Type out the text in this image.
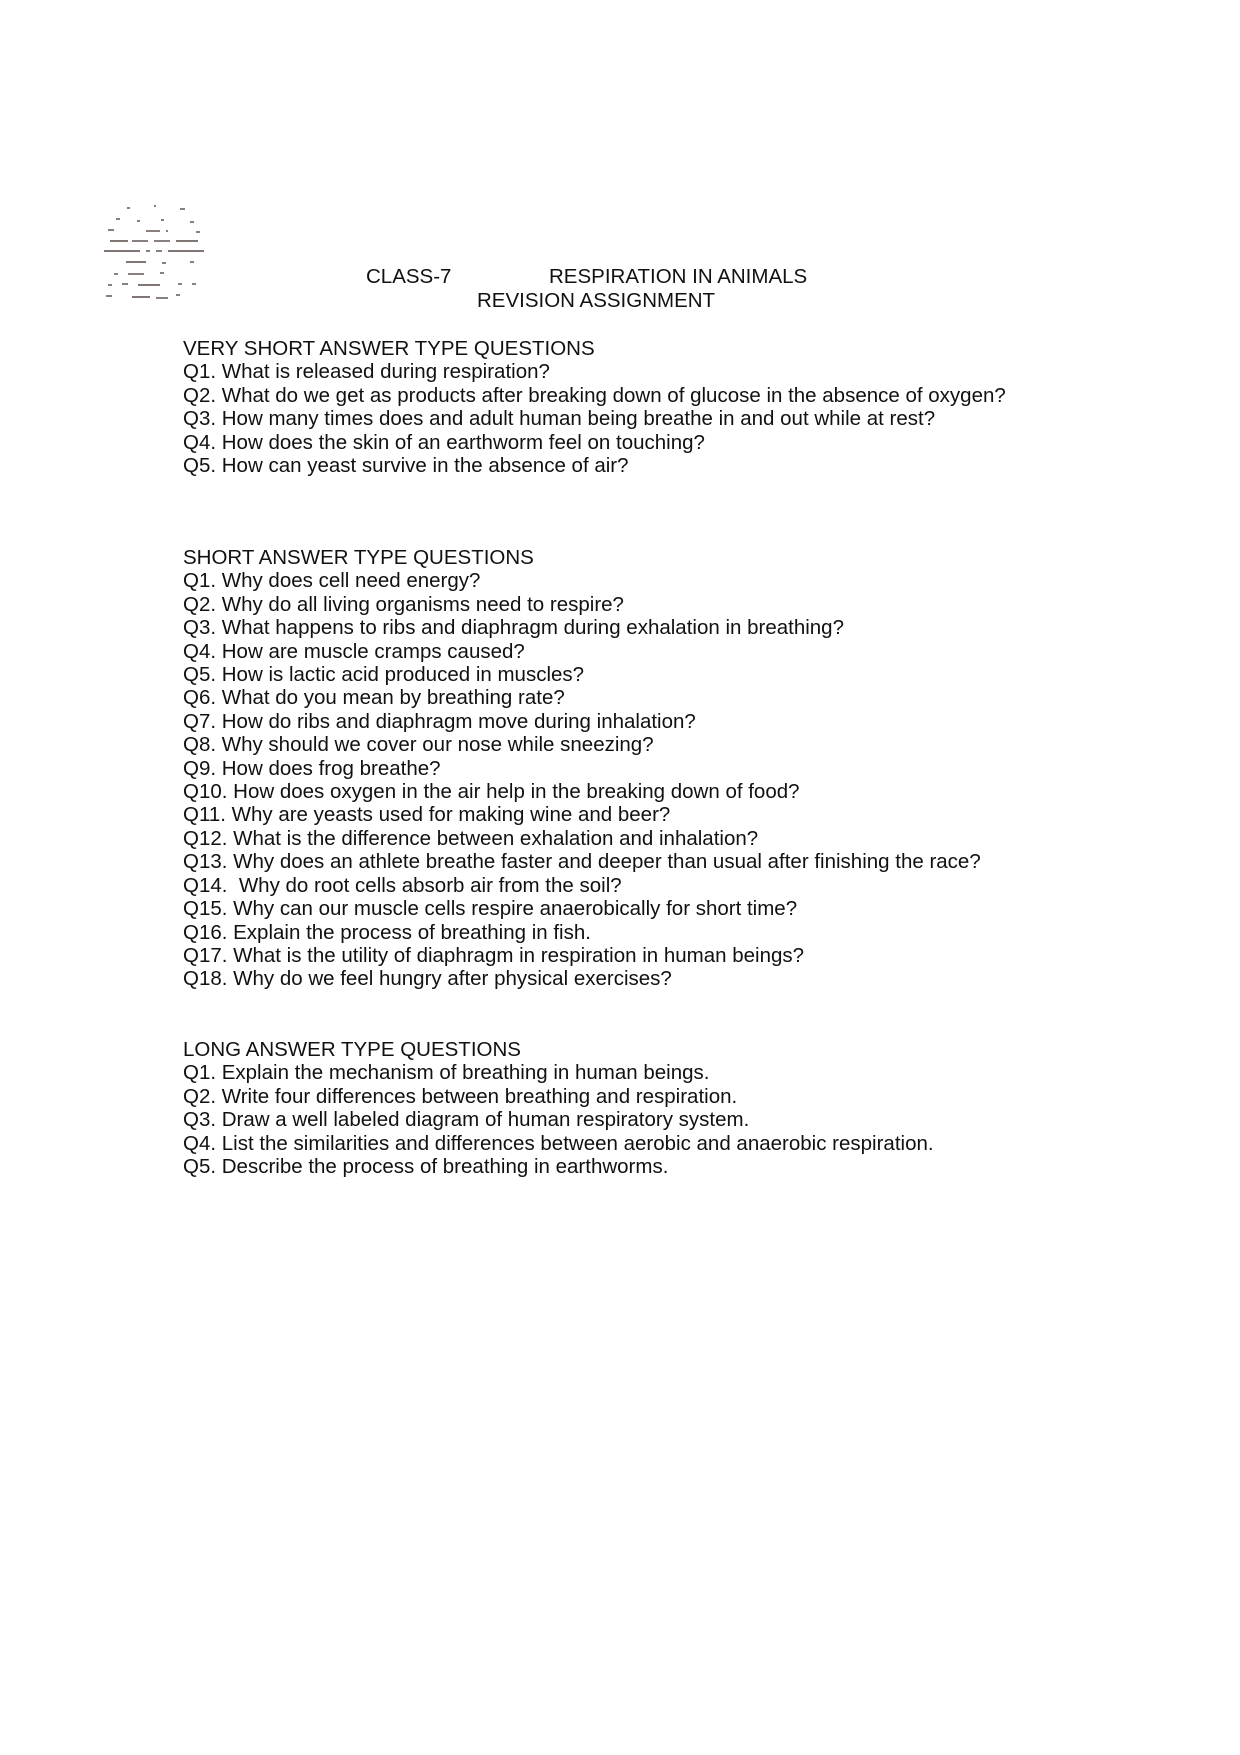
CLASS-7	RESPIRATION IN ANIMALS
REVISION ASSIGNMENT

VERY SHORT ANSWER TYPE QUESTIONS

Q1. What is released during respiration?
Q2. What do we get as products after breaking down of glucose in the absence of oxygen?
Q3. How many times does and adult human being breathe in and out while at rest?
Q4. How does the skin of an earthworm feel on touching?
Q5. How can yeast survive in the absence of air?

SHORT ANSWER TYPE QUESTIONS

Q1. Why does cell need energy?
Q2. Why do all living organisms need to respire?
Q3. What happens to ribs and diaphragm during exhalation in breathing?
Q4. How are muscle cramps caused?
Q5. How is lactic acid produced in muscles?
Q6. What do you mean by breathing rate?
Q7. How do ribs and diaphragm move during inhalation?
Q8. Why should we cover our nose while sneezing?
Q9. How does frog breathe?
Q10. How does oxygen in the air help in the breaking down of food?
Q11. Why are yeasts used for making wine and beer?
Q12. What is the difference between exhalation and inhalation?
Q13. Why does an athlete breathe faster and deeper than usual after finishing the race?
Q14.  Why do root cells absorb air from the soil?
Q15. Why can our muscle cells respire anaerobically for short time?
Q16. Explain the process of breathing in fish.
Q17. What is the utility of diaphragm in respiration in human beings?
Q18. Why do we feel hungry after physical exercises?

LONG ANSWER TYPE QUESTIONS

Q1. Explain the mechanism of breathing in human beings.
Q2. Write four differences between breathing and respiration.
Q3. Draw a well labeled diagram of human respiratory system.
Q4. List the similarities and differences between aerobic and anaerobic respiration.
Q5. Describe the process of breathing in earthworms.
